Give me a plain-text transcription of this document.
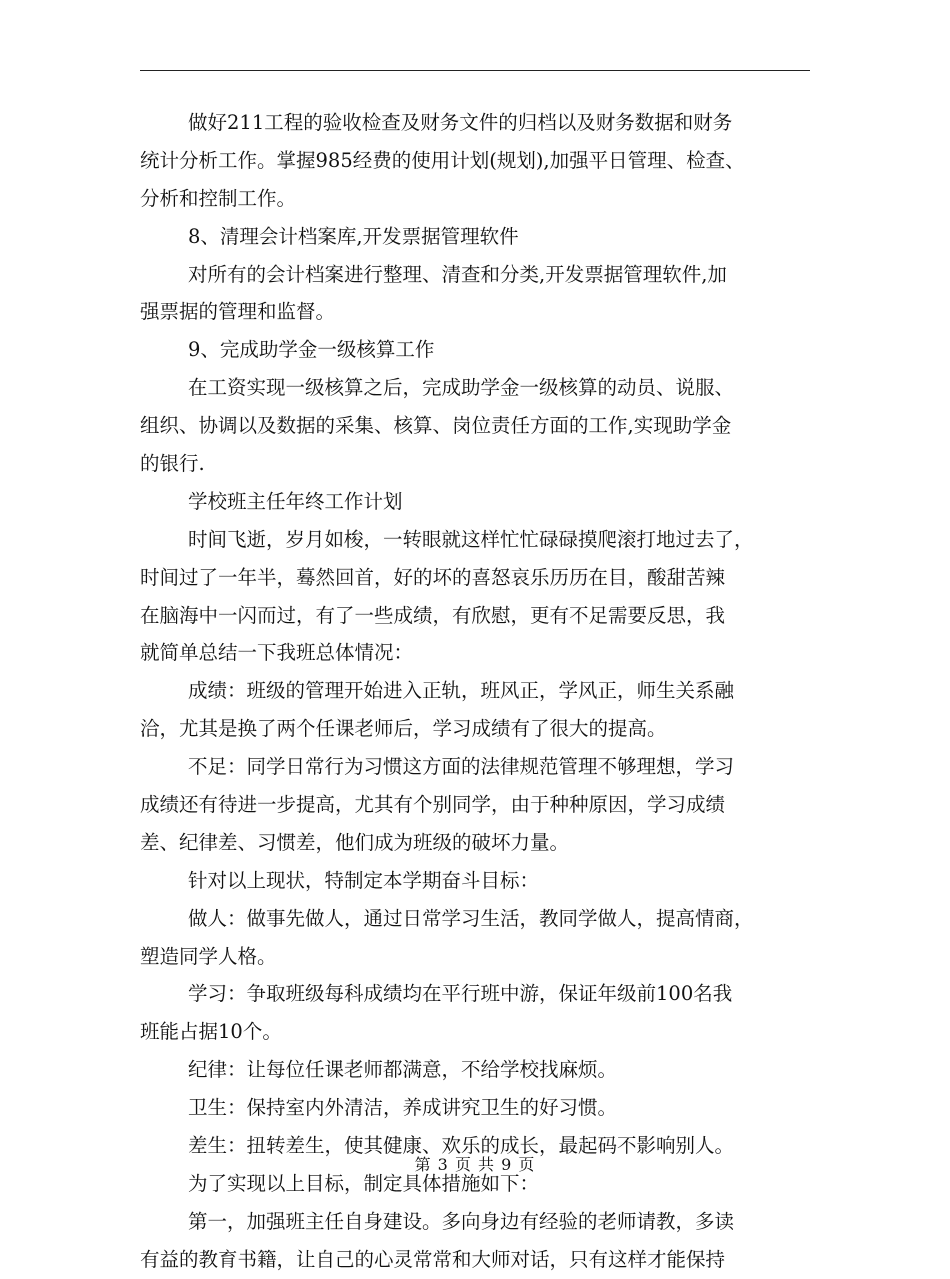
做好211工程的验收检查及财务文件的归档以及财务数据和财务
统计分析工作。掌握985经费的使用计划(规划),加强平日管理、检查、
分析和控制工作。
8、清理会计档案库,开发票据管理软件
对所有的会计档案进行整理、清查和分类,开发票据管理软件,加
强票据的管理和监督。
9、完成助学金一级核算工作
在工资实现一级核算之后，完成助学金一级核算的动员、说服、
组织、协调以及数据的采集、核算、岗位责任方面的工作,实现助学金
的银行.
学校班主任年终工作计划
时间飞逝，岁月如梭，一转眼就这样忙忙碌碌摸爬滚打地过去了，
时间过了一年半，蓦然回首，好的坏的喜怒哀乐历历在目，酸甜苦辣
在脑海中一闪而过，有了一些成绩，有欣慰，更有不足需要反思，我
就简单总结一下我班总体情况：
成绩：班级的管理开始进入正轨，班风正，学风正，师生关系融
洽，尤其是换了两个任课老师后，学习成绩有了很大的提高。
不足：同学日常行为习惯这方面的法律规范管理不够理想，学习
成绩还有待进一步提高，尤其有个别同学，由于种种原因，学习成绩
差、纪律差、习惯差，他们成为班级的破坏力量。
针对以上现状，特制定本学期奋斗目标：
做人：做事先做人，通过日常学习生活，教同学做人，提高情商，
塑造同学人格。
学习：争取班级每科成绩均在平行班中游，保证年级前100名我
班能占据10个。
纪律：让每位任课老师都满意，不给学校找麻烦。
卫生：保持室内外清洁，养成讲究卫生的好习惯。
差生：扭转差生，使其健康、欢乐的成长，最起码不影响别人。
为了实现以上目标，制定具体措施如下：
第一，加强班主任自身建设。多向身边有经验的老师请教，多读
有益的教育书籍，让自己的心灵常常和大师对话，只有这样才能保持
第 3 页 共 9 页
